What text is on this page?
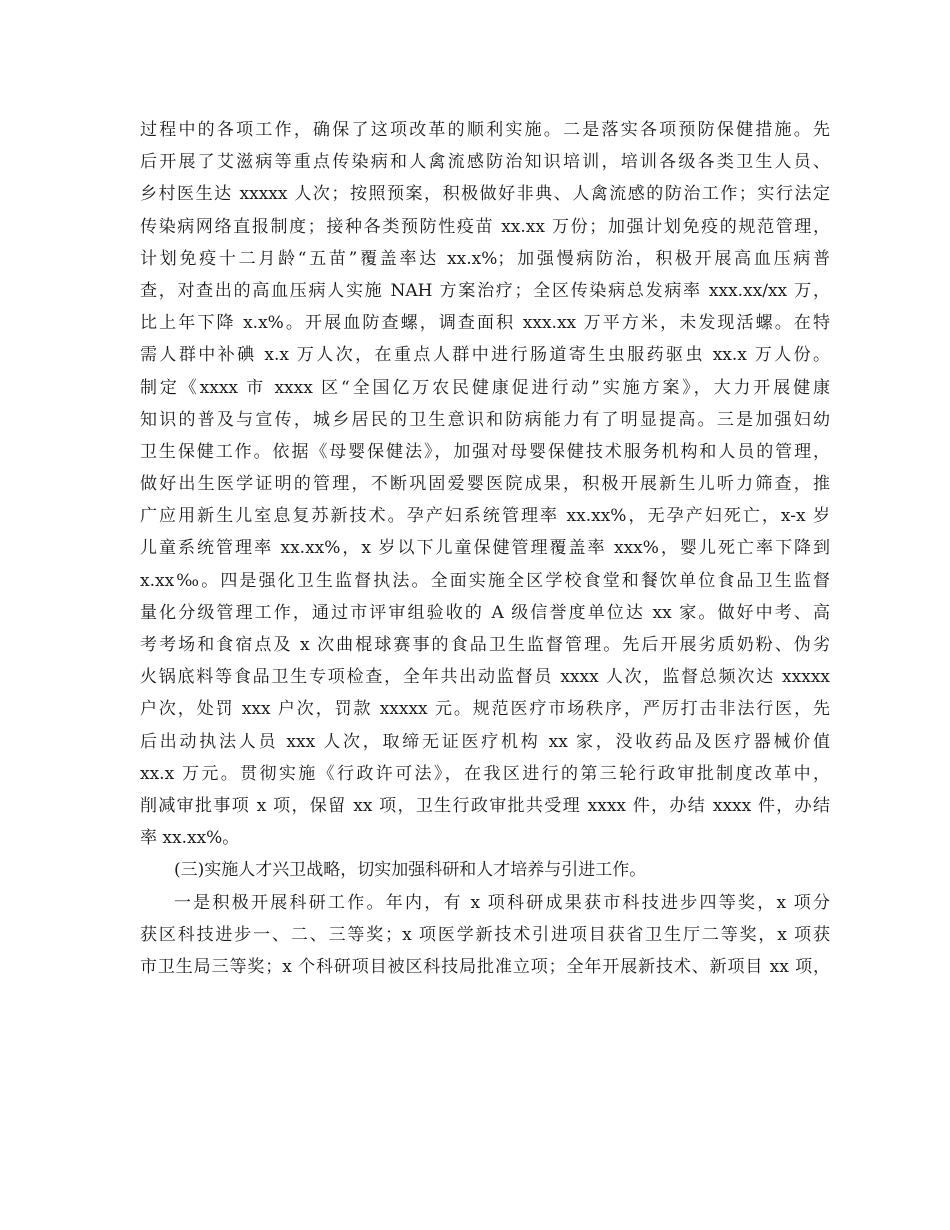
过程中的各项工作，确保了这项改革的顺利实施。二是落实各项预防保健措施。先
后开展了艾滋病等重点传染病和人禽流感防治知识培训，培训各级各类卫生人员、
乡村医生达 xxxxx 人次；按照预案，积极做好非典、人禽流感的防治工作；实行法定
传染病网络直报制度；接种各类预防性疫苗 xx.xx 万份；加强计划免疫的规范管理，
计划免疫十二月龄“五苗”覆盖率达 xx.x%；加强慢病防治，积极开展高血压病普
查，对查出的高血压病人实施 NAH 方案治疗；全区传染病总发病率 xxx.xx/xx 万，
比上年下降 x.x%。开展血防查螺，调查面积 xxx.xx 万平方米，未发现活螺。在特
需人群中补碘 x.x 万人次，在重点人群中进行肠道寄生虫服药驱虫 xx.x 万人份。
制定《xxxx 市 xxxx 区“全国亿万农民健康促进行动”实施方案》，大力开展健康
知识的普及与宣传，城乡居民的卫生意识和防病能力有了明显提高。三是加强妇幼
卫生保健工作。依据《母婴保健法》，加强对母婴保健技术服务机构和人员的管理，
做好出生医学证明的管理，不断巩固爱婴医院成果，积极开展新生儿听力筛查，推
广应用新生儿室息复苏新技术。孕产妇系统管理率 xx.xx%，无孕产妇死亡，x-x 岁
儿童系统管理率 xx.xx%，x 岁以下儿童保健管理覆盖率 xxx%，婴儿死亡率下降到
x.xx‰。四是强化卫生监督执法。全面实施全区学校食堂和餐饮单位食品卫生监督
量化分级管理工作，通过市评审组验收的 A 级信誉度单位达 xx 家。做好中考、高
考考场和食宿点及 x 次曲棍球赛事的食品卫生监督管理。先后开展劣质奶粉、伪劣
火锅底料等食品卫生专项检查，全年共出动监督员 xxxx 人次，监督总频次达 xxxxx
户次，处罚 xxx 户次，罚款 xxxxx 元。规范医疗市场秩序，严厉打击非法行医，先
后出动执法人员 xxx 人次，取缔无证医疗机构 xx 家，没收药品及医疗器械价值
xx.x 万元。贯彻实施《行政许可法》，在我区进行的第三轮行政审批制度改革中，
削减审批事项 x 项，保留 xx 项，卫生行政审批共受理 xxxx 件，办结 xxxx 件，办结
率 xx.xx%。
(三)实施人才兴卫战略，切实加强科研和人才培养与引进工作。
一是积极开展科研工作。年内，有 x 项科研成果获市科技进步四等奖，x 项分
获区科技进步一、二、三等奖；x 项医学新技术引进项目获省卫生厅二等奖，x 项获
市卫生局三等奖；x 个科研项目被区科技局批准立项；全年开展新技术、新项目 xx 项，
